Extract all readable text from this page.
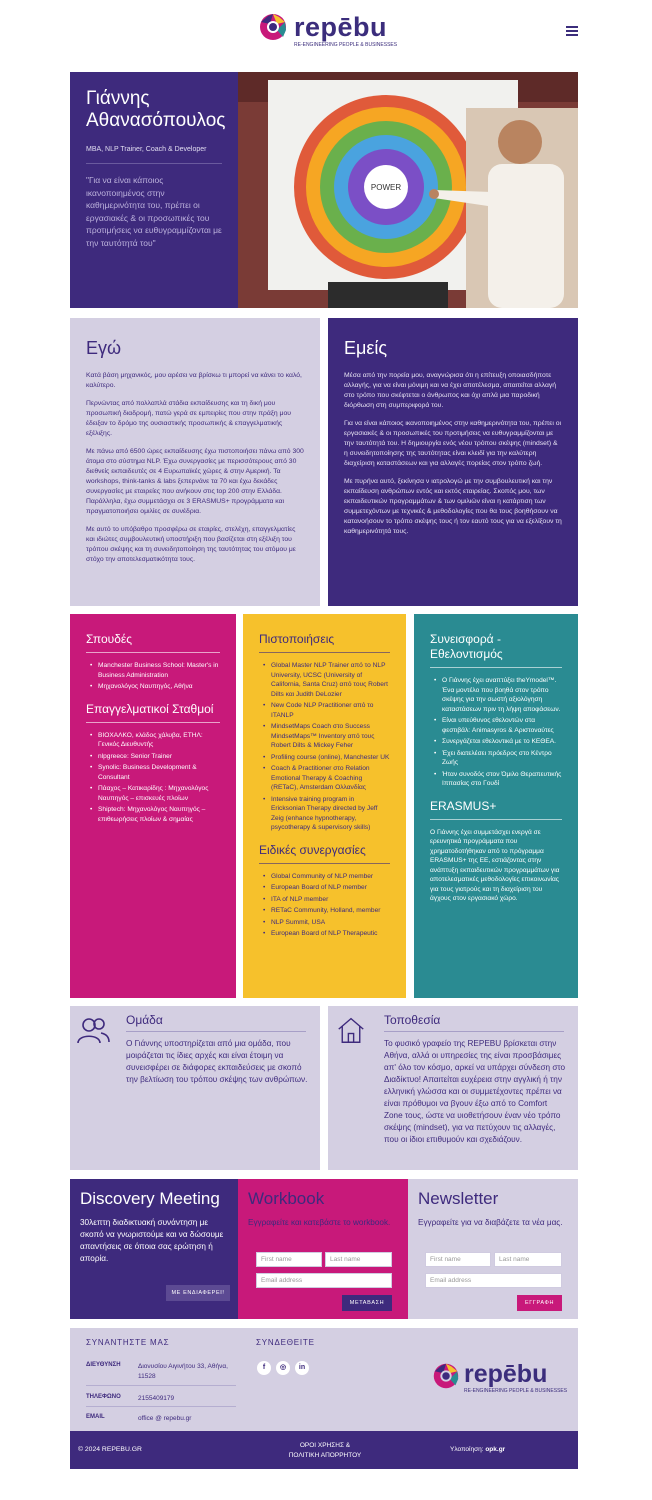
repēbu
RE-ENGINEERING PEOPLE & BUSINESSES
Γιάννης Αθανασόπουλος
MBA, NLP Trainer, Coach & Developer
"Για να είναι κάποιος ικανοποιημένος στην καθημερινότητα του, πρέπει οι εργασιακές & οι προσωπικές του προτιμήσεις να ευθυγραμμίζονται με την ταυτότητά του"
POWER
Εγώ

Κατά βάση μηχανικός, μου αρέσει να βρίσκω τι μπορεί να κάνει το καλό, καλύτερο.

Περνώντας από πολλαπλά στάδια εκπαίδευσης και τη δική μου προσωπική διαδρομή, πατώ γερά σε εμπειρίες που στην πράξη μου έδειξαν το δρόμο της ουσιαστικής προσωπικής & επαγγελματικής εξέλιξης.

Με πάνω από 6500 ώρες εκπαίδευσης έχω πιστοποιήσει πάνω από 300 άτομα στο σύστημα NLP. Έχω συνεργασίες με περισσότερους από 30 διεθνείς εκπαιδευτές σε 4 Ευρωπαϊκές χώρες & στην Αμερική. Τα workshops, think-tanks & labs ξεπερνάνε τα 70 και έχω δεκάδες συνεργασίες με εταιρείες που ανήκουν στις top 200 στην Ελλάδα. Παράλληλα, έχω συμμετάσχει σε 3 ERASMUS+ προγράμματα και πραγματοποιήσει ομιλίες σε συνέδρια.

Με αυτό το υπόβαθρο προσφέρω σε εταιρίες, στελέχη, επαγγελματίες και ιδιώτες συμβουλευτική υποστήριξη που βασίζεται στη εξέλιξη του τρόπου σκέψης και τη συνειδητοποίηση της ταυτότητας του ατόμου με στόχο την αποτελεσματικότητα τους.

Εμείς

Μέσα από την πορεία μου, αναγνώρισα ότι η επίτευξη οποιασδήποτε αλλαγής, για να είναι μόνιμη και να έχει αποτέλεσμα, απαιτείται αλλαγή στο τρόπο που σκέφτεται ο άνθρωπος και όχι απλά μια παροδική διόρθωση στη συμπεριφορά του.

Για να είναι κάποιος ικανοποιημένος στην καθημερινότητα του, πρέπει οι εργασιακές & οι προσωπικές του προτιμήσεις να ευθυγραμμίζονται με την ταυτότητά του. Η δημιουργία ενός νέου τρόπου σκέψης (mindset) & η συνειδητοποίησης της ταυτότητας είναι κλειδί για την καλύτερη διαχείριση καταστάσεων και για αλλαγές πορείας στον τρόπο ζωή.

Με πυρήνα αυτό, ξεκίνησα ν ιατρολογώ με την συμβουλευτική και την εκπαίδευση ανθρώπων εντός και εκτός εταιρείας. Σκοπός μου, των εκπαιδευτικών προγραμμάτων & των ομιλιών είναι η κατάρτιση των συμμετεχόντων με τεχνικές & μεθοδολογίες που θα τους βοηθήσουν να κατανοήσουν το τρόπο σκέψης τους ή τον εαυτό τους για να εξελίξουν τη καθημερινότητά τους.

Σπουδές
• Manchester Business School: Master's in Business Administration
• Μηχανολόγος Ναυπηγός, Αθήνα
Επαγγελματικοί Σταθμοί
• ΒΙΟΧΑΛΚΟ, κλάδος χάλυβα, ΕΤΗΛ: Γενικός Διευθυντής
• nlpgreece: Senior Trainer
• Synolic: Business Development & Consultant
• Πάαχος – Κατικαρίδης : Μηχανολόγος Ναυπηγός – επισκευές πλοίων
• Shiptech: Μηχανολόγος Ναυπηγός – επιθεωρήσεις πλοίων & σημαίας
Πιστοποιήσεις
• Global Master NLP Trainer από το NLP University, UCSC (University of California, Santa Cruz) από τους Robert Dilts και Judith DeLozier
• New Code NLP Practitioner από το ITANLP
• MindsetMaps Coach στο Success MindsetMaps™ Inventory από τους Robert Dilts & Mickey Feher
• Profiling course (online), Manchester UK
• Coach & Practitioner στο Relation Emotional Therapy & Coaching (RETaC), Amsterdam Ολλανδίας
• Intensive training program in Ericksonian Therapy directed by Jeff Zeig (enhance hypnotherapy, psycotherapy & supervisory skills)
Ειδικές συνεργασίες
• Global Community of NLP member
• European Board of NLP member
• ITA of NLP member
• RETaC Community, Holland, member
• NLP Summit, USA
• European Board of NLP Therapeutic
Συνεισφορά - Εθελοντισμός
• Ο Γιάννης έχει αναπτύξει theYmodel™. Ένα μοντέλο που βοηθά στον τρόπο σκέψης για την σωστή αξιολόγηση καταστάσεων πριν τη λήψη αποφάσεων.
• Είναι υπεύθυνος εθελοντών στα φεστιβάλ: Animasyros & Αριστοναύτες
• Συνεργάζεται εθελοντικά με το ΚΕΘΕΑ.
• Έχει διατελέσει πρόεδρος στο Κέντρο Ζωής
• Ήταν συνοδός στον Όμιλο Θεραπευτικής Ιππασίας στο Γουδί
ERASMUS+

Ο Γιάννης έχει συμμετάσχει ενεργά σε ερευνητικά προγράμματα που χρηματοδοτήθηκαν από το πρόγραμμα ERASMUS+ της ΕΕ, εστιάζοντας στην ανάπτυξη εκπαιδευτικών προγραμμάτων για αποτελεσματικές μεθοδολογίες επικοινωνίας για τους γιατρούς και τη διαχείριση του άγχους στον εργασιακό χώρο.

Ομάδα

Ο Γιάννης υποστηρίζεται από μια ομάδα, που μοιράζεται τις ίδιες αρχές και είναι έτοιμη να συνεισφέρει σε διάφορες εκπαιδεύσεις με σκοπό την βελτίωση του τρόπου σκέψης των ανθρώπων.

Τοποθεσία

Το φυσικό γραφείο της REPEBU βρίσκεται στην Αθήνα, αλλά οι υπηρεσίες της είναι προσβάσιμες απ' όλο τον κόσμο, αρκεί να υπάρχει σύνδεση στο Διαδίκτυο! Απαιτείται ευχέρεια στην αγγλική ή την ελληνική γλώσσα και οι συμμετέχοντες πρέπει να είναι πρόθυμοι να βγουν έξω από το Comfort Zone τους, ώστε να υιοθετήσουν έναν νέο τρόπο σκέψης (mindset), για να πετύχουν τις αλλαγές, που οι ίδιοι επιθυμούν και σχεδιάζουν.

Discovery Meeting

30λεπτη διαδικτυακή συνάντηση με σκοπό να γνωριστούμε και να δώσουμε απαντήσεις σε όποια σας ερώτηση ή απορία.

ΜΕ ΕΝΔΙΑΦΕΡΕΙ!
Workbook

Εγγραφείτε και κατεβάστε το workbook.

First name	Last name
Email address
ΜΕΤΑΒΑΣΗ
Newsletter

Εγγραφείτε για να διαβάζετε τα νέα μας.

First name	Last name
Email address
ΕΓΓΡΑΦΗ
ΣΥΝΑΝΤΗΣΤΕ ΜΑΣ	ΣΥΝΔΕΘΕΙΤΕ
ΔΙΕΥΘΥΝΣΗ	Διονυσίου Αιγινήτου 33, Αθήνα, 11528
ΤΗΛΕΦΩΝΟ	2155409179
EMAIL	office @ repebu.gr
f	◎	in	repēbu
RE-ENGINEERING PEOPLE & BUSINESSES
© 2024 REPEBU.GR
ΟΡΟΙ ΧΡΗΣΗΣ &
ΠΟΛΙΤΙΚΗ ΑΠΟΡΡΗΤΟΥ
Υλοποίηση: opk.gr
